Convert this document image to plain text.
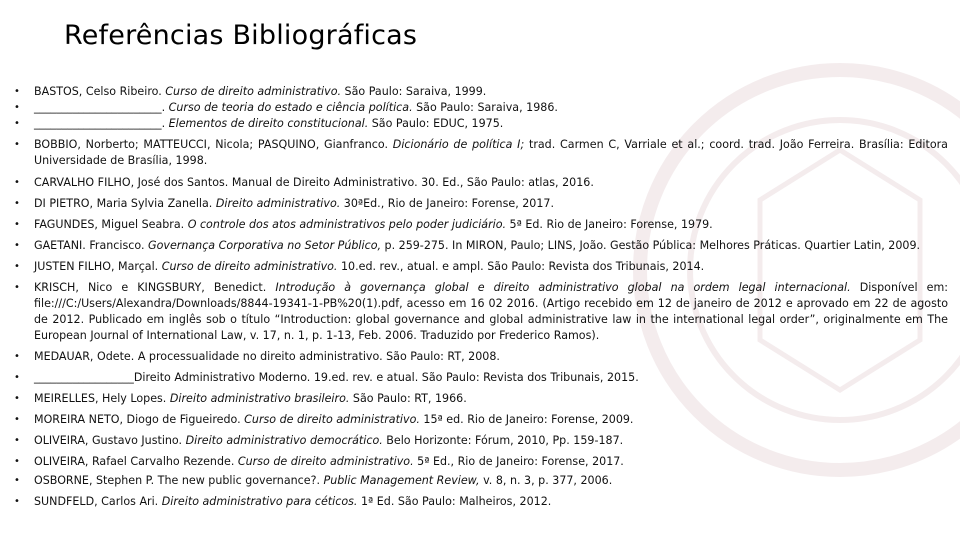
Referências Bibliográficas
• BASTOS, Celso Ribeiro. Curso de direito administrativo. São Paulo: Saraiva, 1999.
• _______________________. Curso de teoria do estado e ciência política. São Paulo: Saraiva, 1986.
• _______________________. Elementos de direito constitucional. São Paulo: EDUC, 1975.
• BOBBIO, Norberto; MATTEUCCI, Nicola; PASQUINO, Gianfranco. Dicionário de política I; trad. Carmen C, Varriale et al.; coord. trad. João Ferreira. Brasília: Editora Universidade de Brasília, 1998.
• CARVALHO FILHO, José dos Santos. Manual de Direito Administrativo. 30. Ed., São Paulo: atlas, 2016.
• DI PIETRO, Maria Sylvia Zanella. Direito administrativo. 30ªEd., Rio de Janeiro: Forense, 2017.
• FAGUNDES, Miguel Seabra. O controle dos atos administrativos pelo poder judiciário. 5ª Ed. Rio de Janeiro: Forense, 1979.
• GAETANI. Francisco. Governança Corporativa no Setor Público, p. 259-275. In MIRON, Paulo; LINS, João. Gestão Pública: Melhores Práticas. Quartier Latin, 2009.
• JUSTEN FILHO, Marçal. Curso de direito administrativo. 10.ed. rev., atual. e ampl. São Paulo: Revista dos Tribunais, 2014.
• KRISCH, Nico e KINGSBURY, Benedict. Introdução à governança global e direito administrativo global na ordem legal internacional. Disponível em: file:///C:/Users/Alexandra/Downloads/8844-19341-1-PB%20(1).pdf, acesso em 16 02 2016. (Artigo recebido em 12 de janeiro de 2012 e aprovado em 22 de agosto de 2012. Publicado em inglês sob o título “Introduction: global governance and global administrative law in the international legal order”, originalmente em The European Journal of International Law, v. 17, n. 1, p. 1-13, Feb. 2006. Traduzido por Frederico Ramos).
• MEDAUAR, Odete. A processualidade no direito administrativo. São Paulo: RT, 2008.
• __________________Direito Administrativo Moderno. 19.ed. rev. e atual. São Paulo: Revista dos Tribunais, 2015.
• MEIRELLES, Hely Lopes. Direito administrativo brasileiro. São Paulo: RT, 1966.
• MOREIRA NETO, Diogo de Figueiredo. Curso de direito administrativo. 15ª ed. Rio de Janeiro: Forense, 2009.
• OLIVEIRA, Gustavo Justino. Direito administrativo democrático. Belo Horizonte: Fórum, 2010, Pp. 159-187.
• OLIVEIRA, Rafael Carvalho Rezende. Curso de direito administrativo. 5ª Ed., Rio de Janeiro: Forense, 2017.
• OSBORNE, Stephen P. The new public governance?. Public Management Review, v. 8, n. 3, p. 377, 2006.
• SUNDFELD, Carlos Ari. Direito administrativo para céticos. 1ª Ed. São Paulo: Malheiros, 2012.
